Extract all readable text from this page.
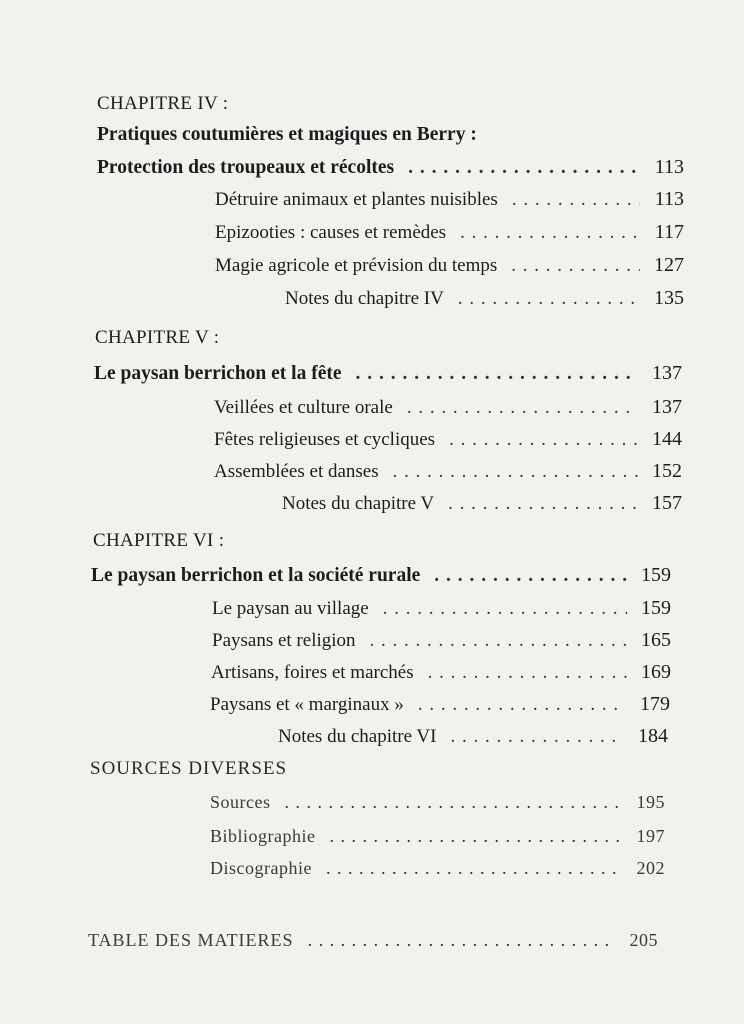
CHAPITRE IV :
Pratiques coutumières et magiques en Berry :
Protection des troupeaux et récoltes . . .	113
Détruire animaux et plantes nuisibles . . .	113
Epizooties : causes et remèdes . . .	117
Magie agricole et prévision du temps . . .	127
Notes du chapitre IV . . .	135
CHAPITRE V :
Le paysan berrichon et la fête . . .	137
Veillées et culture orale . . .	137
Fêtes religieuses et cycliques . . .	144
Assemblées et danses . . .	152
Notes du chapitre V . . .	157
CHAPITRE VI :
Le paysan berrichon et la société rurale . . .	159
Le paysan au village . . .	159
Paysans et religion . . .	165
Artisans, foires et marchés . . .	169
Paysans et « marginaux » . . .	179
Notes du chapitre VI . . .	184
SOURCES DIVERSES
Sources . . .	195
Bibliographie . . .	197
Discographie . . .	202
TABLE DES MATIERES . . .	205
